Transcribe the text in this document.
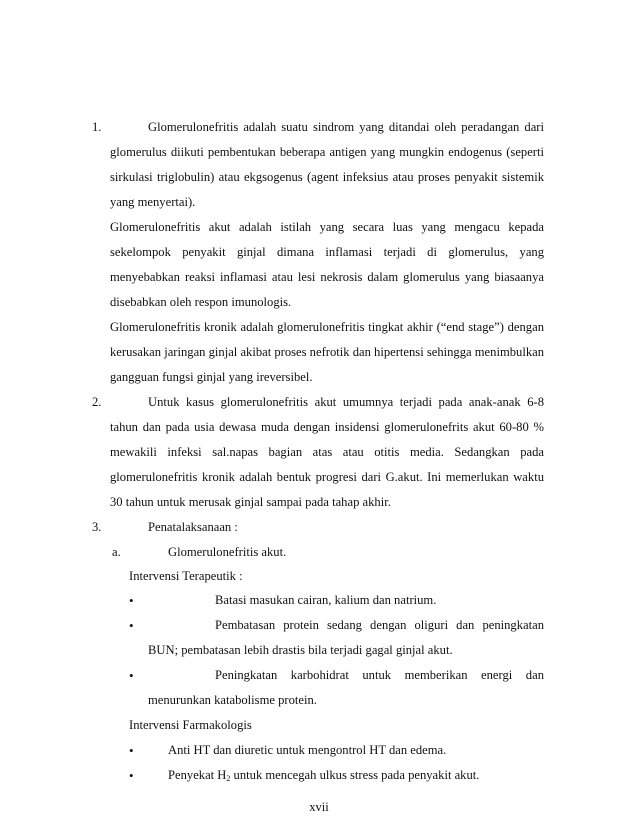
1.	Glomerulonefritis adalah suatu sindrom yang ditandai oleh peradangan dari
glomerulus diikuti pembentukan beberapa antigen yang mungkin endogenus (seperti
sirkulasi triglobulin) atau ekgsogenus (agent infeksius atau proses penyakit sistemik
yang menyertai).
Glomerulonefritis akut adalah istilah yang secara luas yang mengacu kepada
sekelompok penyakit ginjal dimana inflamasi terjadi di glomerulus, yang
menyebabkan reaksi inflamasi atau lesi nekrosis dalam glomerulus yang biasaanya
disebabkan oleh respon imunologis.
Glomerulonefritis kronik adalah glomerulonefritis tingkat akhir (“end stage”) dengan
kerusakan jaringan ginjal akibat proses nefrotik dan hipertensi sehingga menimbulkan
gangguan fungsi ginjal yang ireversibel.
2.	Untuk kasus glomerulonefritis akut umumnya terjadi pada anak-anak 6-8
tahun dan pada usia dewasa muda dengan insidensi glomerulonefrits akut 60-80 %
mewakili infeksi sal.napas bagian atas atau otitis media. Sedangkan pada
glomerulonefritis kronik adalah bentuk progresi dari G.akut. Ini memerlukan waktu
30 tahun untuk merusak ginjal sampai pada tahap akhir.
3.	Penatalaksanaan :
a.	Glomerulonefritis akut.
Intervensi Terapeutik :
•	Batasi masukan cairan, kalium dan natrium.
•	Pembatasan protein sedang dengan oliguri dan peningkatan
BUN; pembatasan lebih drastis bila terjadi gagal ginjal akut.
•	Peningkatan karbohidrat untuk memberikan energi dan
menurunkan katabolisme protein.
Intervensi Farmakologis
•	Anti HT dan diuretic untuk mengontrol HT dan edema.
•	Penyekat $H_2$ untuk mencegah ulkus stress pada penyakit akut.
xvii
